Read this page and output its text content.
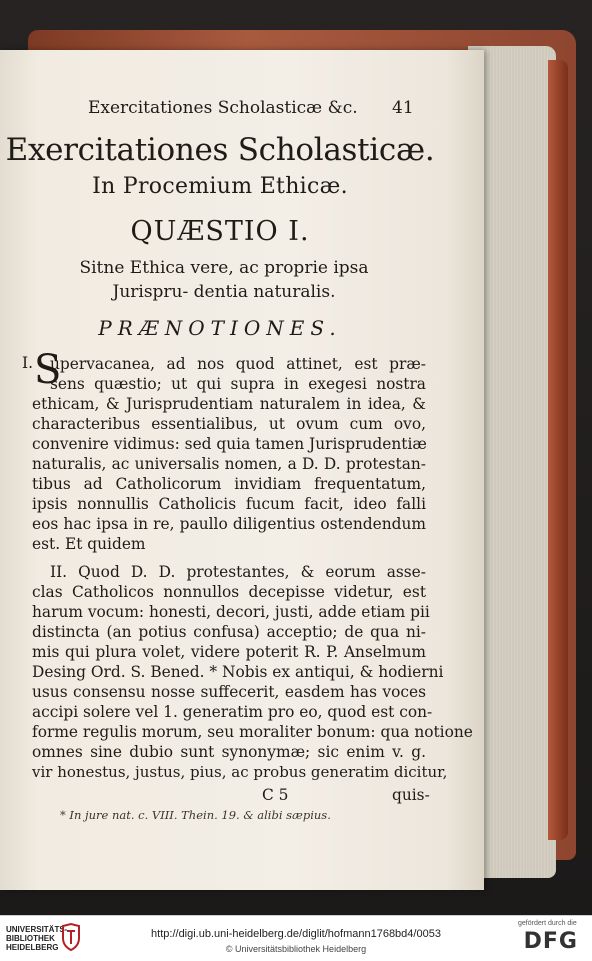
Exercitationes Scholasticæ &c. 41
Exercitationes Scholasticæ.
In Procemium Ethicæ.
QUÆSTIO I.
Sitne Ethica vere, ac proprie ipsa Jurispru- dentia naturalis.
PRÆNOTIONES.
I. S
upervacanea, ad nos quod attinet, est præ-
sens quæstio; ut qui supra in exegesi nostra
ethicam, & Jurisprudentiam naturalem in idea, &
characteribus essentialibus, ut ovum cum ovo,
convenire vidimus: sed quia tamen Jurisprudentiæ
naturalis, ac universalis nomen, a D. D. protestan-
tibus ad Catholicorum invidiam frequentatum,
ipsis nonnullis Catholicis fucum facit, ideo falli
eos hac ipsa in re, paullo diligentius ostendendum
est. Et quidem
II. Quod D. D. protestantes, & eorum asse-
clas Catholicos nonnullos decepisse videtur, est
harum vocum: honesti, decori, justi, adde etiam pii
distincta (an potius confusa) acceptio; de qua ni-
mis qui plura volet, videre poterit R. P. Anselmum
Desing Ord. S. Bened. * Nobis ex antiqui, & hodierni
usus consensu nosse suffecerit, easdem has voces
accipi solere vel 1. generatim pro eo, quod est con-
forme regulis morum, seu moraliter bonum: qua notione
omnes sine dubio sunt synonymæ; sic enim v. g.
vir honestus, justus, pius, ac probus generatim dicitur,
C 5	quis-
* In jure nat. c. VIII. Thein. 19. & alibi sæpius.
UNIVERSITÄTS-BIBLIOTHEK HEIDELBERG
http://digi.ub.uni-heidelberg.de/diglit/hofmann1768bd4/0053
© Universitätsbibliothek Heidelberg
gefördert durch die
DFG
